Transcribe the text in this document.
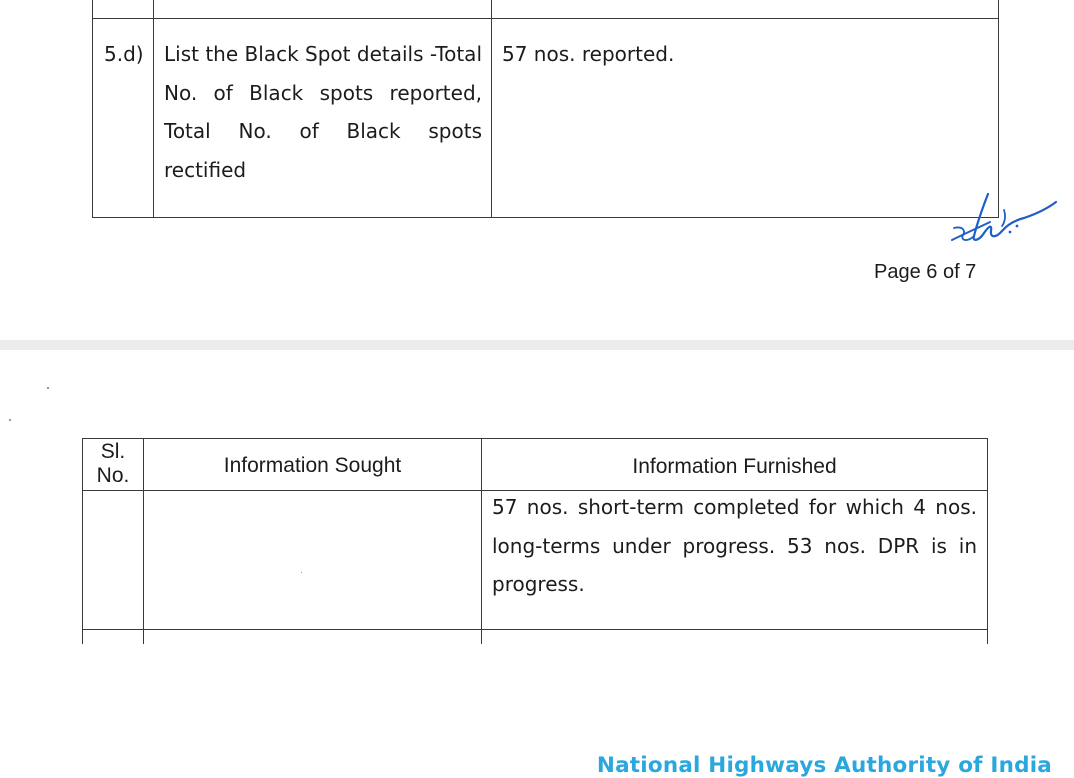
5.d) List the Black Spot details -Total
No. of Black spots reported,
Total No. of Black spots
rectified
57 nos. reported.
Page 6 of 7
National Highways Authority of India
Sl.
No.	Information Sought	Information Furnished
57 nos. short-term completed for which 4 nos.
long-terms under progress. 53 nos. DPR is in
progress.
